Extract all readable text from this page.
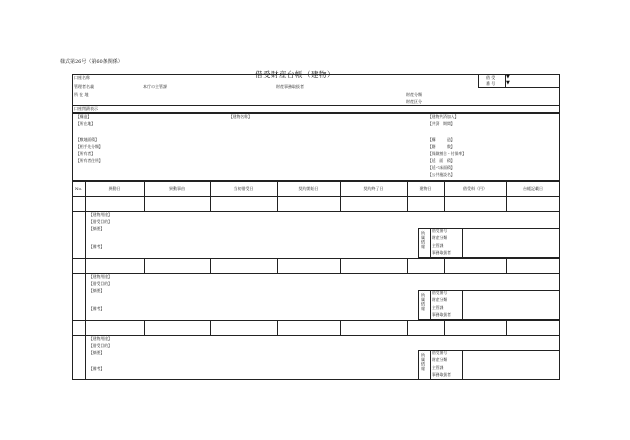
様式第26号（第60条関係）
借受財産台帳（建物）	借 受
番 号
▼
▼
口座名称
管理者名義	本庁の主管課	財産事務取扱者
所 在 地	財産分類
財産区分
口座閉鎖表示
【構造】
【所在地】
【敷地面積】
【相手先分類】
【所有者】
【所有者住所】
【建物名称】	【建物共済加入】
【共済　期間】
【構　　　造】
【階　　　数】
【保険割合・付保率】
【延　面　積】
【延べ床面積】
【公共施設名】
No.	異動日	異動事由	当初借受日	契約開始日	契約終了日	建物日	借受料（円）	台帳記載日
【建物用途】
【借受目的】
【摘要】
【備考】	所属情報
借受番号
財産分類
主管課
事務取扱者
【建物用途】
【借受目的】
【摘要】
【備考】	所属情報
借受番号
財産分類
主管課
事務取扱者
【建物用途】
【借受目的】
【摘要】
【備考】	所属情報
借受番号
財産分類
主管課
事務取扱者
